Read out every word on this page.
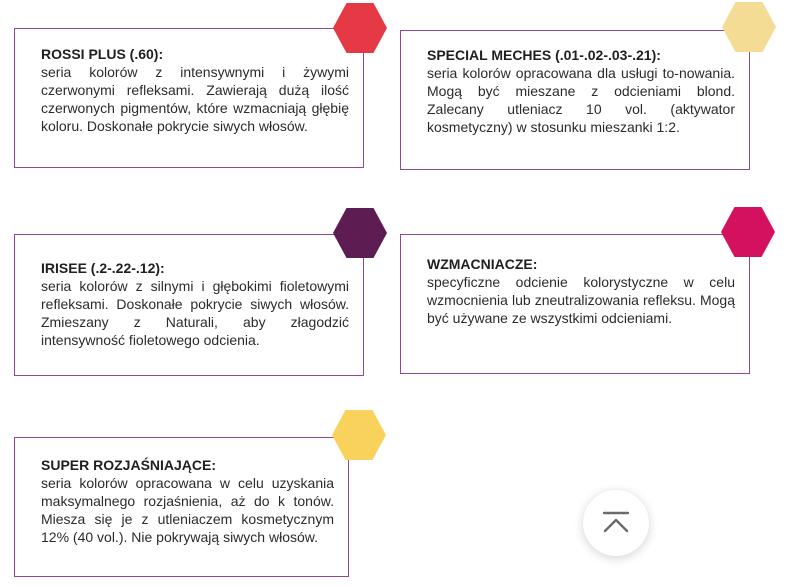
ROSSI PLUS (.60):
seria kolorów z intensywnymi i żywymi czerwonymi refleksami. Zawierają dużą ilość czerwonych pigmentów, które wzmacniają głębię koloru. Doskonałe pokrycie siwych włosów.
SPECIAL MECHES (.01-.02-.03-.21):
seria kolorów opracowana dla usługi to-nowania. Mogą być mieszane z odcieniami blond. Zalecany utleniacz 10 vol. (aktywator kosmetyczny) w stosunku mieszanki 1:2.
IRISEE (.2-.22-.12):
seria kolorów z silnymi i głębokimi fioletowymi refleksami. Doskonałe pokrycie siwych włosów. Zmieszany z Naturali, aby złagodzić intensywność fioletowego odcienia.
WZMACNIACZE:
specyficzne odcienie kolorystyczne w celu wzmocnienia lub zneutralizowania refleksu. Mogą być używane ze wszystkimi odcieniami.
SUPER ROZJAŚNIAJĄCE:
seria kolorów opracowana w celu uzyskania maksymalnego rozjaśnienia, aż do k tonów. Miesza się je z utleniaczem kosmetycznym 12% (40 vol.). Nie pokrywają siwych włosów.
